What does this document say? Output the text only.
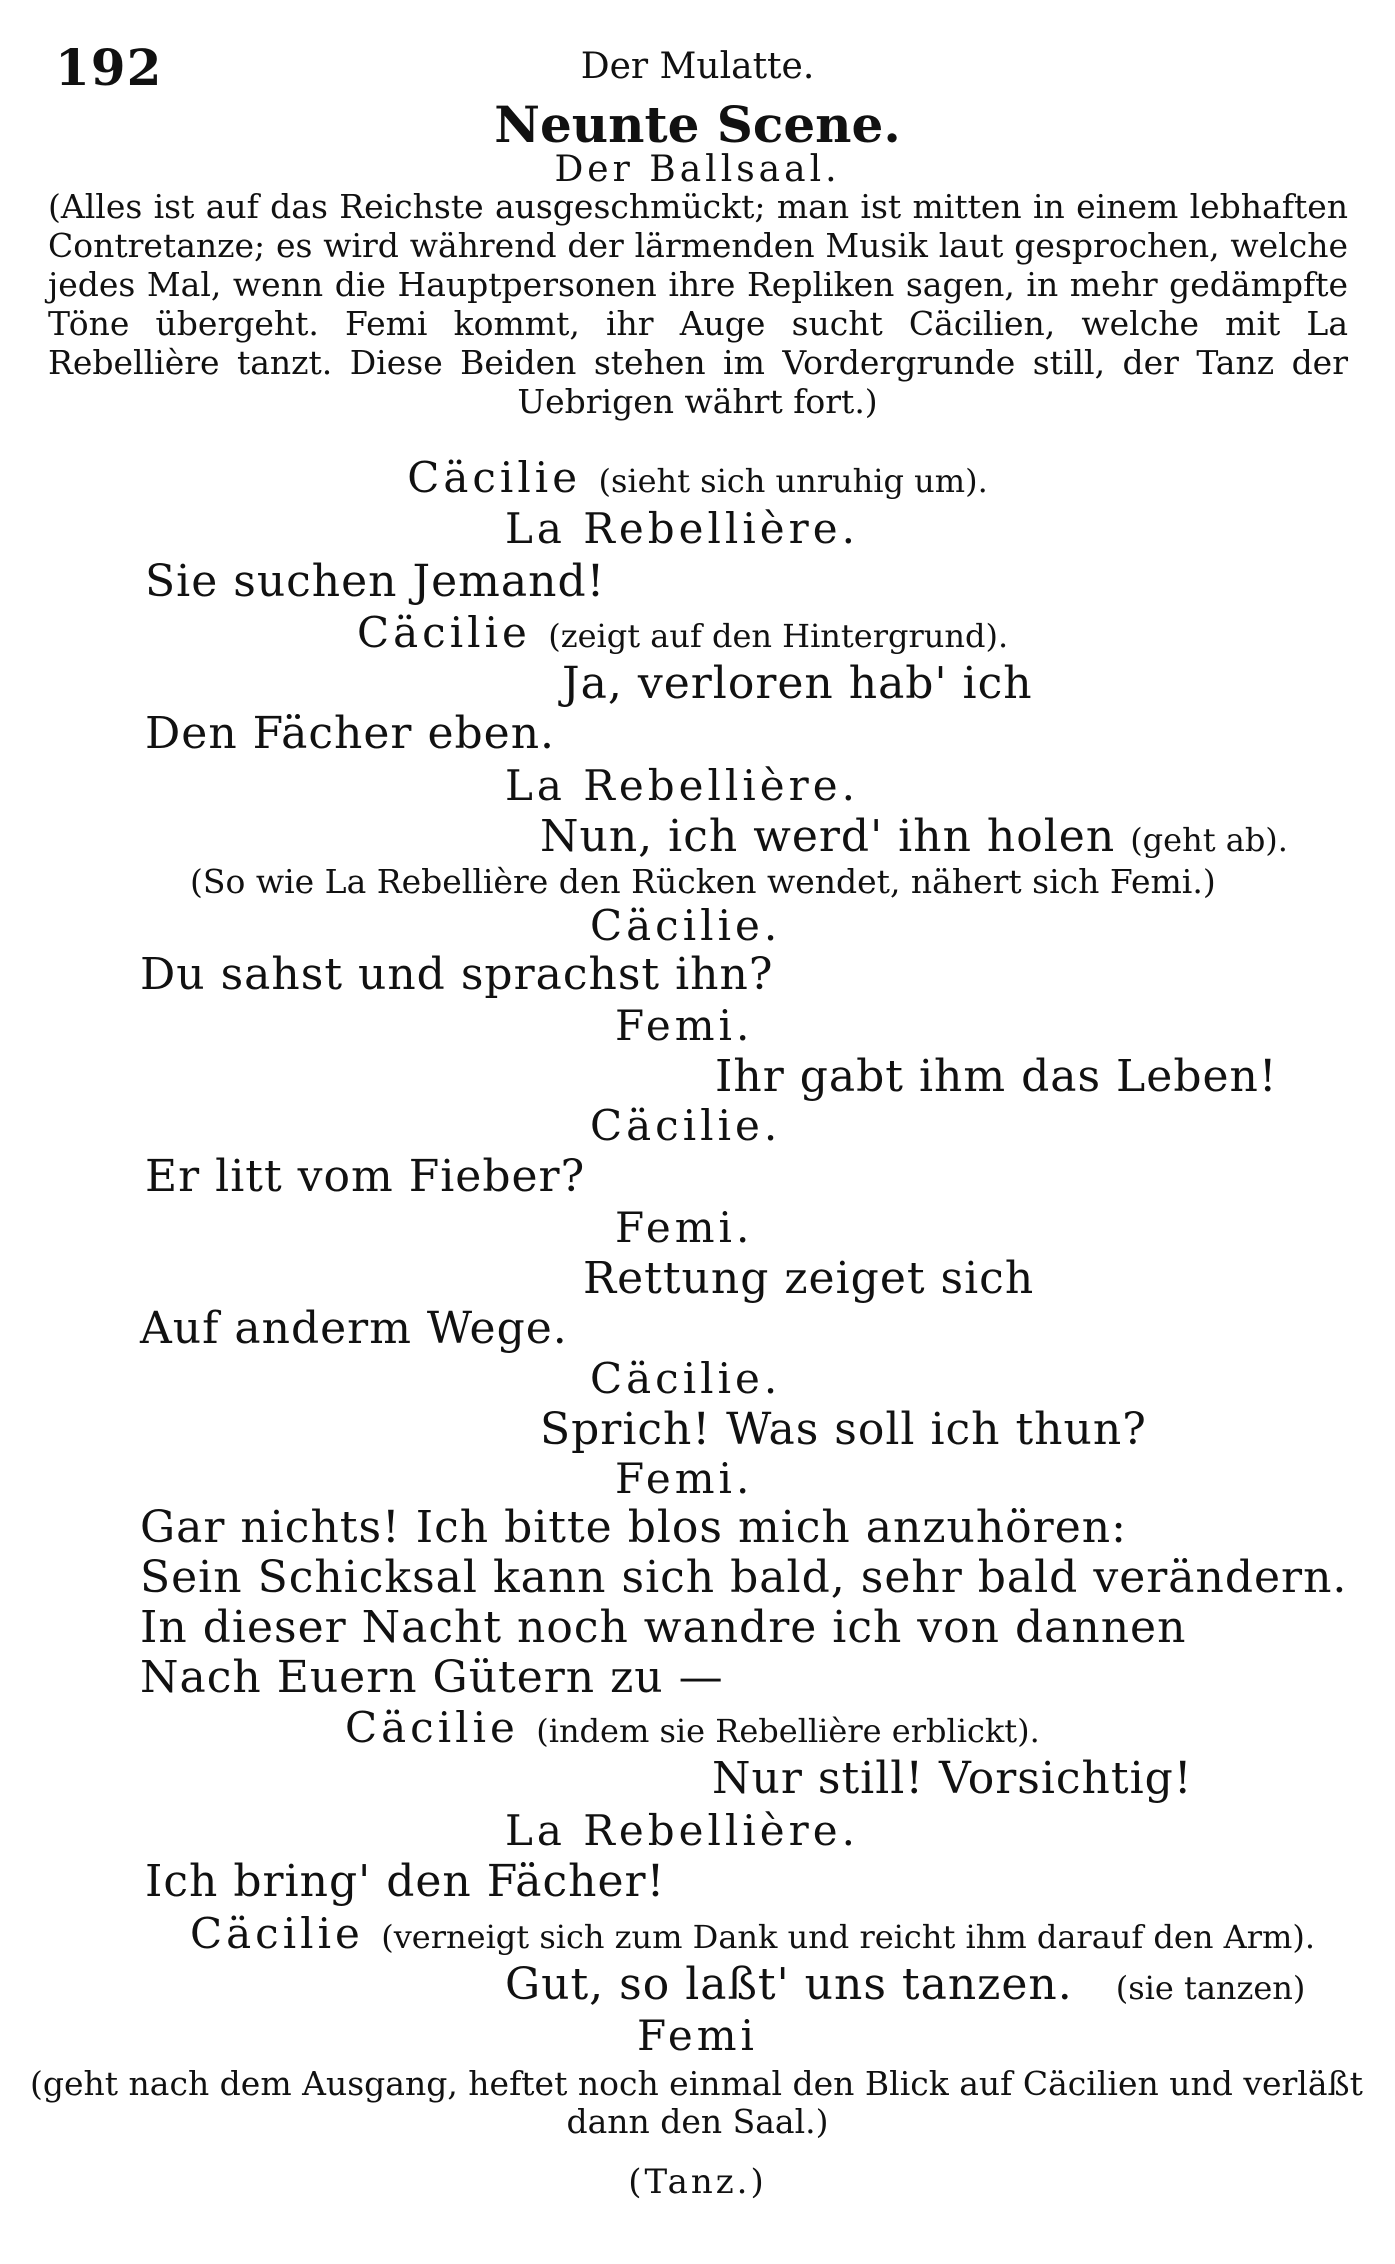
192	Der Mulatte.
Neunte Scene.
Der Ballsaal.
(Alles ist auf das Reichste ausgeschmückt; man ist mitten in einem lebhaften
Contretanze; es wird während der lärmenden Musik laut gesprochen, welche
jedes Mal, wenn die Hauptpersonen ihre Repliken sagen, in mehr gedämpfte
Töne übergeht. Femi kommt, ihr Auge sucht Cäcilien, welche mit La
Rebellière tanzt. Diese Beiden stehen im Vordergrunde still, der Tanz der
Uebrigen währt fort.)
Cäcilie (sieht sich unruhig um).
La Rebellière.
Sie suchen Jemand!
Cäcilie (zeigt auf den Hintergrund).
Ja, verloren hab' ich
Den Fächer eben.
La Rebellière.
Nun, ich werd' ihn holen (geht ab).
(So wie La Rebellière den Rücken wendet, nähert sich Femi.)
Cäcilie.
Du sahst und sprachst ihn?
Femi.
Ihr gabt ihm das Leben!
Cäcilie.
Er litt vom Fieber?
Femi.
Rettung zeiget sich
Auf anderm Wege.
Cäcilie.
Sprich! Was soll ich thun?
Femi.
Gar nichts! Ich bitte blos mich anzuhören:
Sein Schicksal kann sich bald, sehr bald verändern.
In dieser Nacht noch wandre ich von dannen
Nach Euern Gütern zu —
Cäcilie (indem sie Rebellière erblickt).
Nur still! Vorsichtig!
La Rebellière.
Ich bring' den Fächer!
Cäcilie (verneigt sich zum Dank und reicht ihm darauf den Arm).
Gut, so laßt' uns tanzen. (sie tanzen)
Femi
(geht nach dem Ausgang, heftet noch einmal den Blick auf Cäcilien und verläßt
dann den Saal.)
(Tanz.)
